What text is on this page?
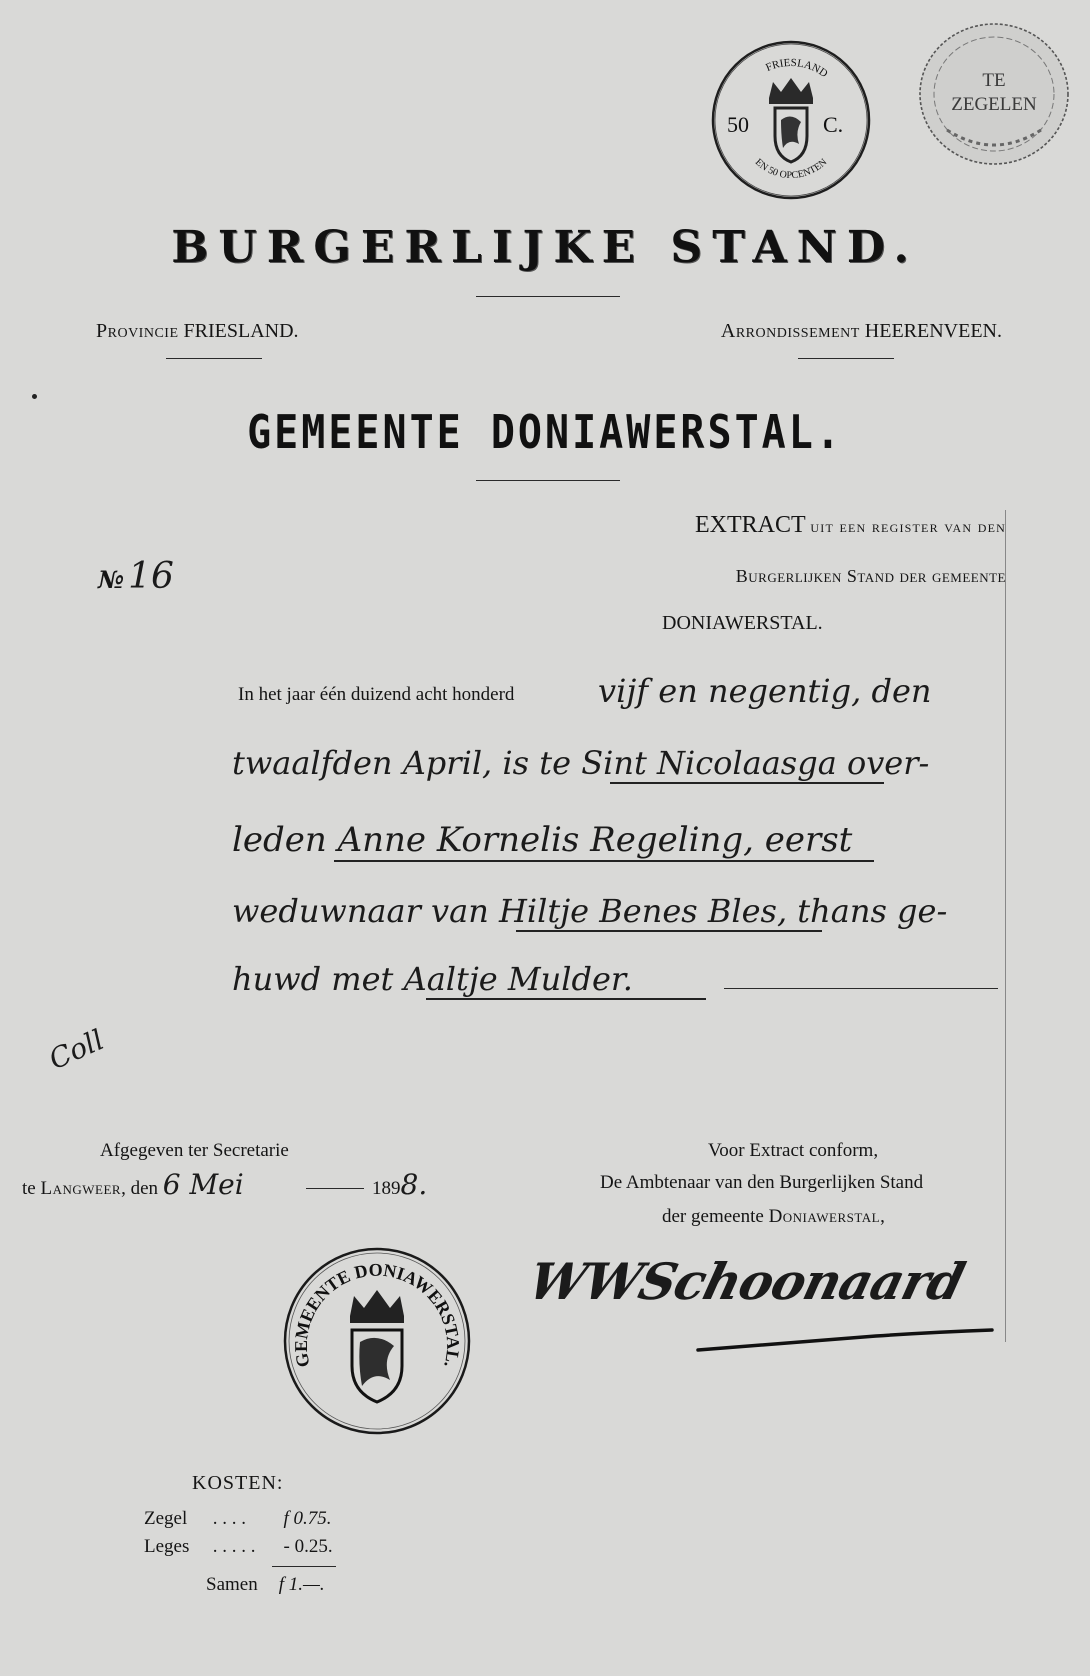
FRIESLAND
EN 50 OPCENTEN
50	C.
TE
ZEGELEN
BURGERLIJKE STAND.
Provincie FRIESLAND.	Arrondissement HEERENVEEN.
GEMEENTE DONIAWERSTAL.
EXTRACT uit een register van den
Burgerlijken Stand der gemeente
DONIAWERSTAL.
№ 16
In het jaar één duizend acht honderd	vijf en negentig, den
twaalfden April, is te Sint Nicolaasga over-
leden Anne Kornelis Regeling, eerst
weduwnaar van Hiltje Benes Bles, thans ge-
huwd met Aaltje Mulder.
Coll
Afgegeven ter Secretarie
te Langweer, den 6 Mei	1898.
Voor Extract conform,
De Ambtenaar van den Burgerlijken Stand
der gemeente Doniawerstal,
WWSchoonaard
GEMEENTE DONIAWERSTAL.
KOSTEN:
Zegel . . . . f 0.75.
Leges . . . . . - 0.25.
Samen f 1.—.
